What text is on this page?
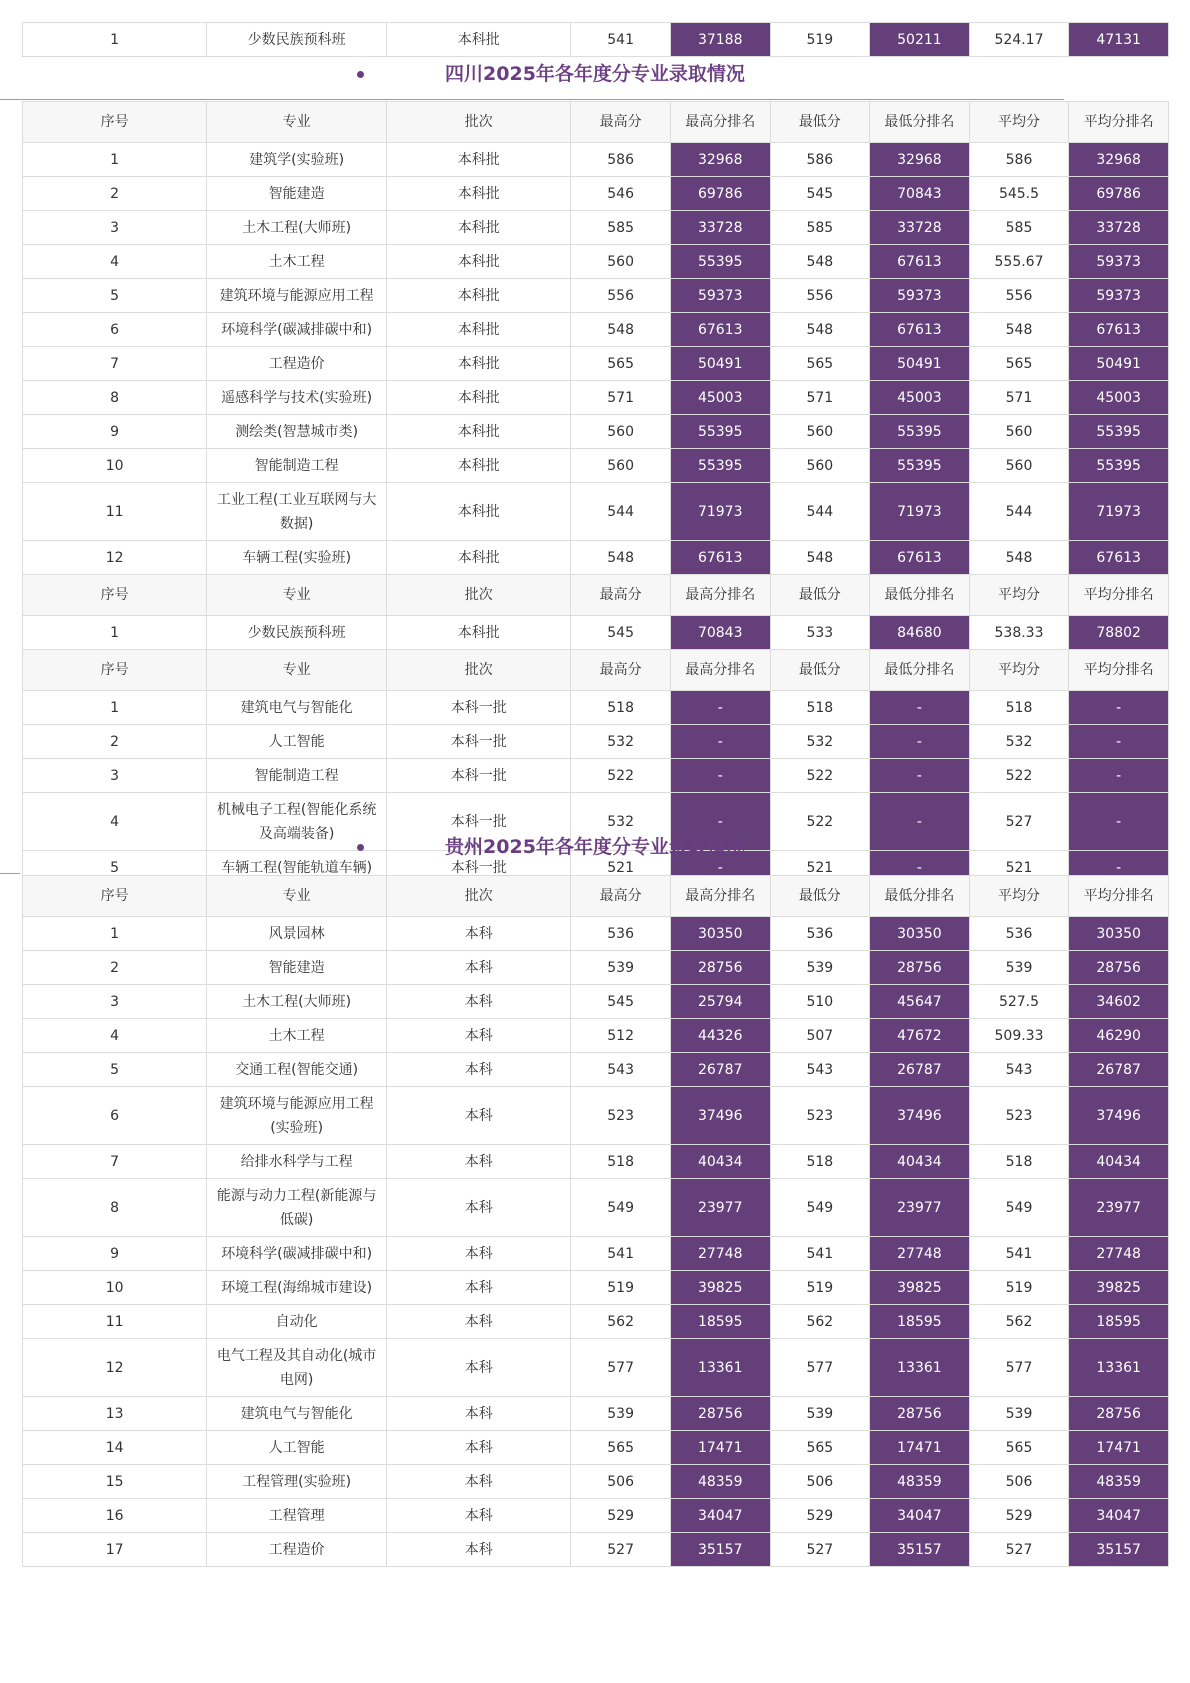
1	少数民族预科班	本科批	541	37188	519	50211	524.17	47131
四川2025年各年度分专业录取情况
序号	专业	批次	最高分	最高分排名	最低分	最低分排名	平均分	平均分排名
1	建筑学(实验班)	本科批	586	32968	586	32968	586	32968
2	智能建造	本科批	546	69786	545	70843	545.5	69786
3	土木工程(大师班)	本科批	585	33728	585	33728	585	33728
4	土木工程	本科批	560	55395	548	67613	555.67	59373
5	建筑环境与能源应用工程	本科批	556	59373	556	59373	556	59373
6	环境科学(碳减排碳中和)	本科批	548	67613	548	67613	548	67613
7	工程造价	本科批	565	50491	565	50491	565	50491
8	遥感科学与技术(实验班)	本科批	571	45003	571	45003	571	45003
9	测绘类(智慧城市类)	本科批	560	55395	560	55395	560	55395
10	智能制造工程	本科批	560	55395	560	55395	560	55395
11	工业工程(工业互联网与大数据)	本科批	544	71973	544	71973	544	71973
12	车辆工程(实验班)	本科批	548	67613	548	67613	548	67613
序号	专业	批次	最高分	最高分排名	最低分	最低分排名	平均分	平均分排名
1	少数民族预科班	本科批	545	70843	533	84680	538.33	78802
序号	专业	批次	最高分	最高分排名	最低分	最低分排名	平均分	平均分排名
1	建筑电气与智能化	本科一批	518	-	518	-	518	-
2	人工智能	本科一批	532	-	532	-	532	-
3	智能制造工程	本科一批	522	-	522	-	522	-
4	机械电子工程(智能化系统及高端装备)	本科一批	532	-	522	-	527	-
5	车辆工程(智能轨道车辆)	本科一批	521	-	521	-	521	-
贵州2025年各年度分专业录取情况
序号	专业	批次	最高分	最高分排名	最低分	最低分排名	平均分	平均分排名
1	风景园林	本科	536	30350	536	30350	536	30350
2	智能建造	本科	539	28756	539	28756	539	28756
3	土木工程(大师班)	本科	545	25794	510	45647	527.5	34602
4	土木工程	本科	512	44326	507	47672	509.33	46290
5	交通工程(智能交通)	本科	543	26787	543	26787	543	26787
6	建筑环境与能源应用工程(实验班)	本科	523	37496	523	37496	523	37496
7	给排水科学与工程	本科	518	40434	518	40434	518	40434
8	能源与动力工程(新能源与低碳)	本科	549	23977	549	23977	549	23977
9	环境科学(碳减排碳中和)	本科	541	27748	541	27748	541	27748
10	环境工程(海绵城市建设)	本科	519	39825	519	39825	519	39825
11	自动化	本科	562	18595	562	18595	562	18595
12	电气工程及其自动化(城市电网)	本科	577	13361	577	13361	577	13361
13	建筑电气与智能化	本科	539	28756	539	28756	539	28756
14	人工智能	本科	565	17471	565	17471	565	17471
15	工程管理(实验班)	本科	506	48359	506	48359	506	48359
16	工程管理	本科	529	34047	529	34047	529	34047
17	工程造价	本科	527	35157	527	35157	527	35157
